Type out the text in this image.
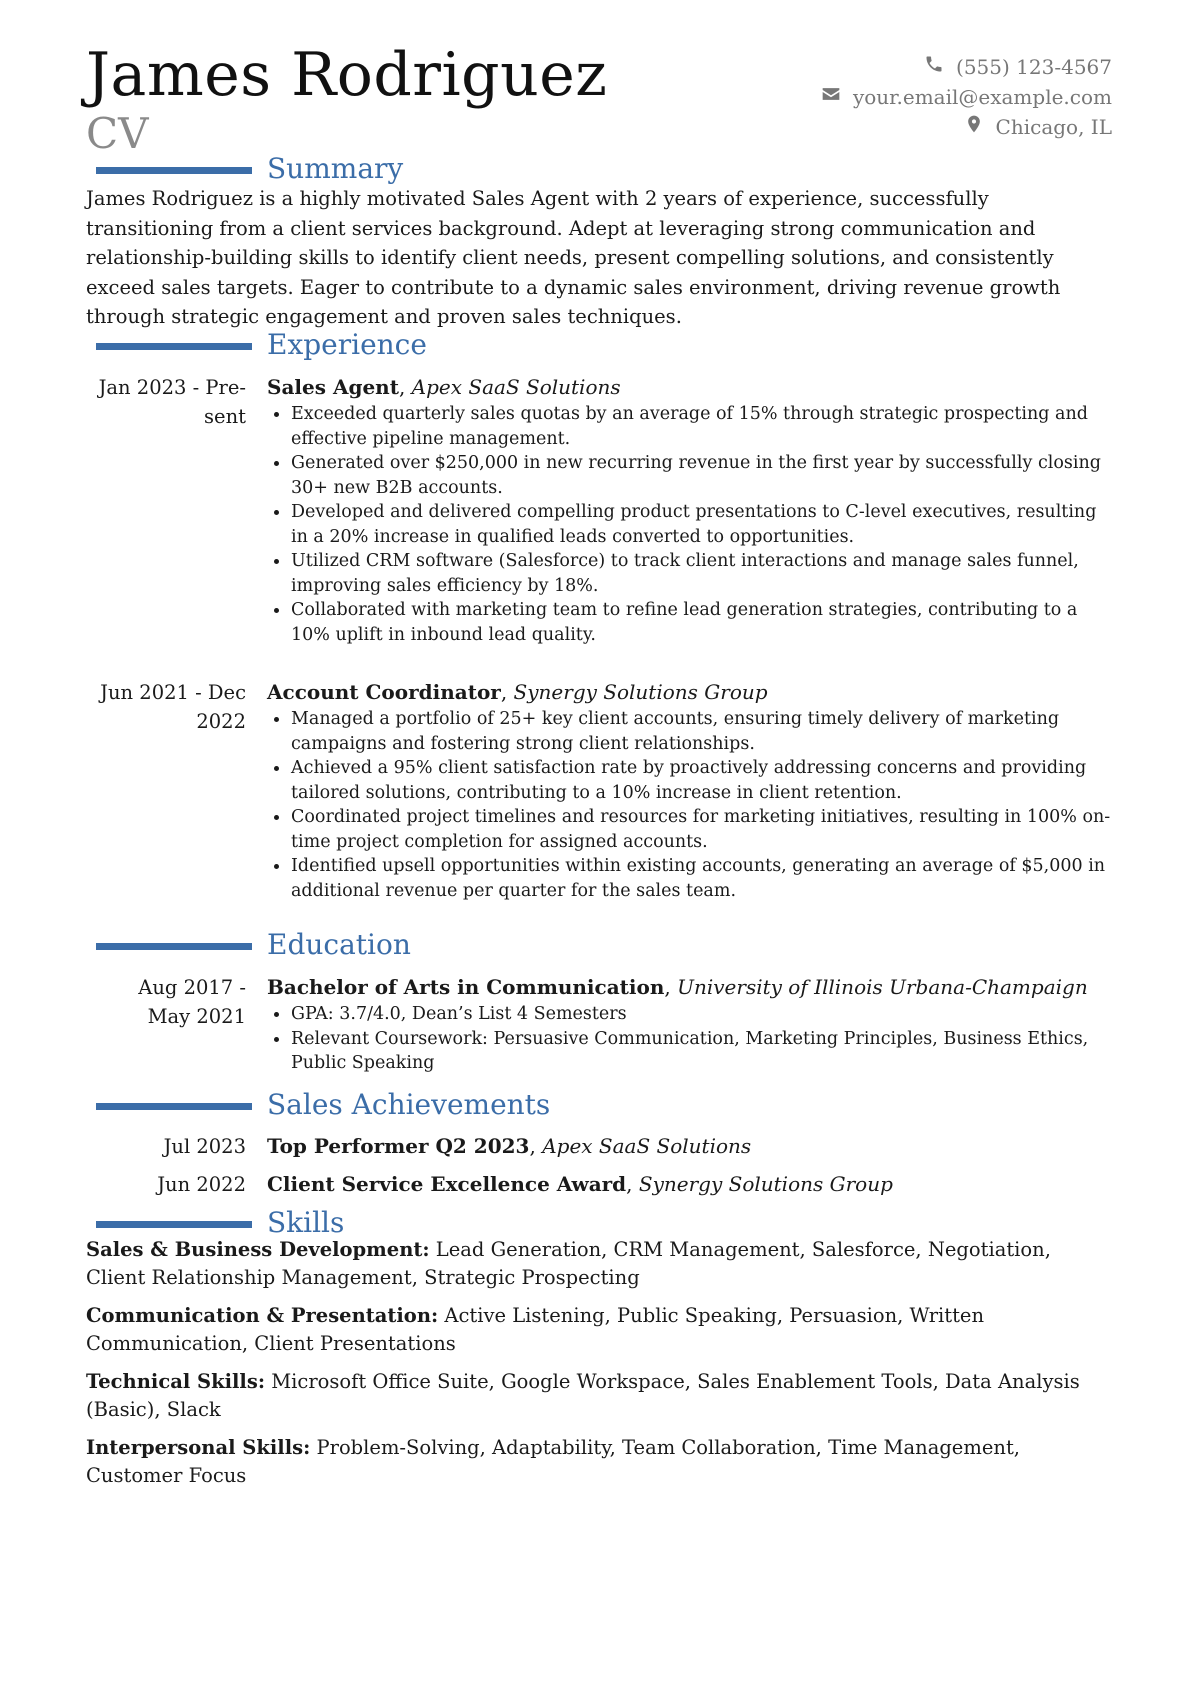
James Rodriguez
CV
(555) 123-4567
your.email@example.com
Chicago, IL
Summary
James Rodriguez is a highly motivated Sales Agent with 2 years of experience, successfully transitioning from a client services background. Adept at leveraging strong communication and relationship-building skills to identify client needs, present compelling solutions, and consistently exceed sales targets. Eager to contribute to a dynamic sales environment, driving revenue growth through strategic engagement and proven sales techniques.
Experience
Jan 2023 - Pre-
sent
Sales Agent, Apex SaaS Solutions
Exceeded quarterly sales quotas by an average of 15% through strategic prospecting and effective pipeline management.
Generated over $250,000 in new recurring revenue in the first year by successfully closing 30+ new B2B accounts.
Developed and delivered compelling product presentations to C-level executives, resulting in a 20% increase in qualified leads converted to opportunities.
Utilized CRM software (Salesforce) to track client interactions and manage sales funnel, improving sales efficiency by 18%.
Collaborated with marketing team to refine lead generation strategies, contributing to a 10% uplift in inbound lead quality.
Jun 2021 - Dec
2022
Account Coordinator, Synergy Solutions Group
Managed a portfolio of 25+ key client accounts, ensuring timely delivery of marketing campaigns and fostering strong client relationships.
Achieved a 95% client satisfaction rate by proactively addressing concerns and providing tailored solutions, contributing to a 10% increase in client retention.
Coordinated project timelines and resources for marketing initiatives, resulting in 100% on-time project completion for assigned accounts.
Identified upsell opportunities within existing accounts, generating an average of $5,000 in additional revenue per quarter for the sales team.
Education
Aug 2017 -
May 2021
Bachelor of Arts in Communication, University of Illinois Urbana-Champaign
GPA: 3.7/4.0, Dean’s List 4 Semesters
Relevant Coursework: Persuasive Communication, Marketing Principles, Business Ethics, Public Speaking
Sales Achievements
Jul 2023 Top Performer Q2 2023, Apex SaaS Solutions
Jun 2022 Client Service Excellence Award, Synergy Solutions Group
Skills
Sales & Business Development: Lead Generation, CRM Management, Salesforce, Negotiation, Client Relationship Management, Strategic Prospecting
Communication & Presentation: Active Listening, Public Speaking, Persuasion, Written Communication, Client Presentations
Technical Skills: Microsoft Office Suite, Google Workspace, Sales Enablement Tools, Data Analysis (Basic), Slack
Interpersonal Skills: Problem-Solving, Adaptability, Team Collaboration, Time Management, Customer Focus
